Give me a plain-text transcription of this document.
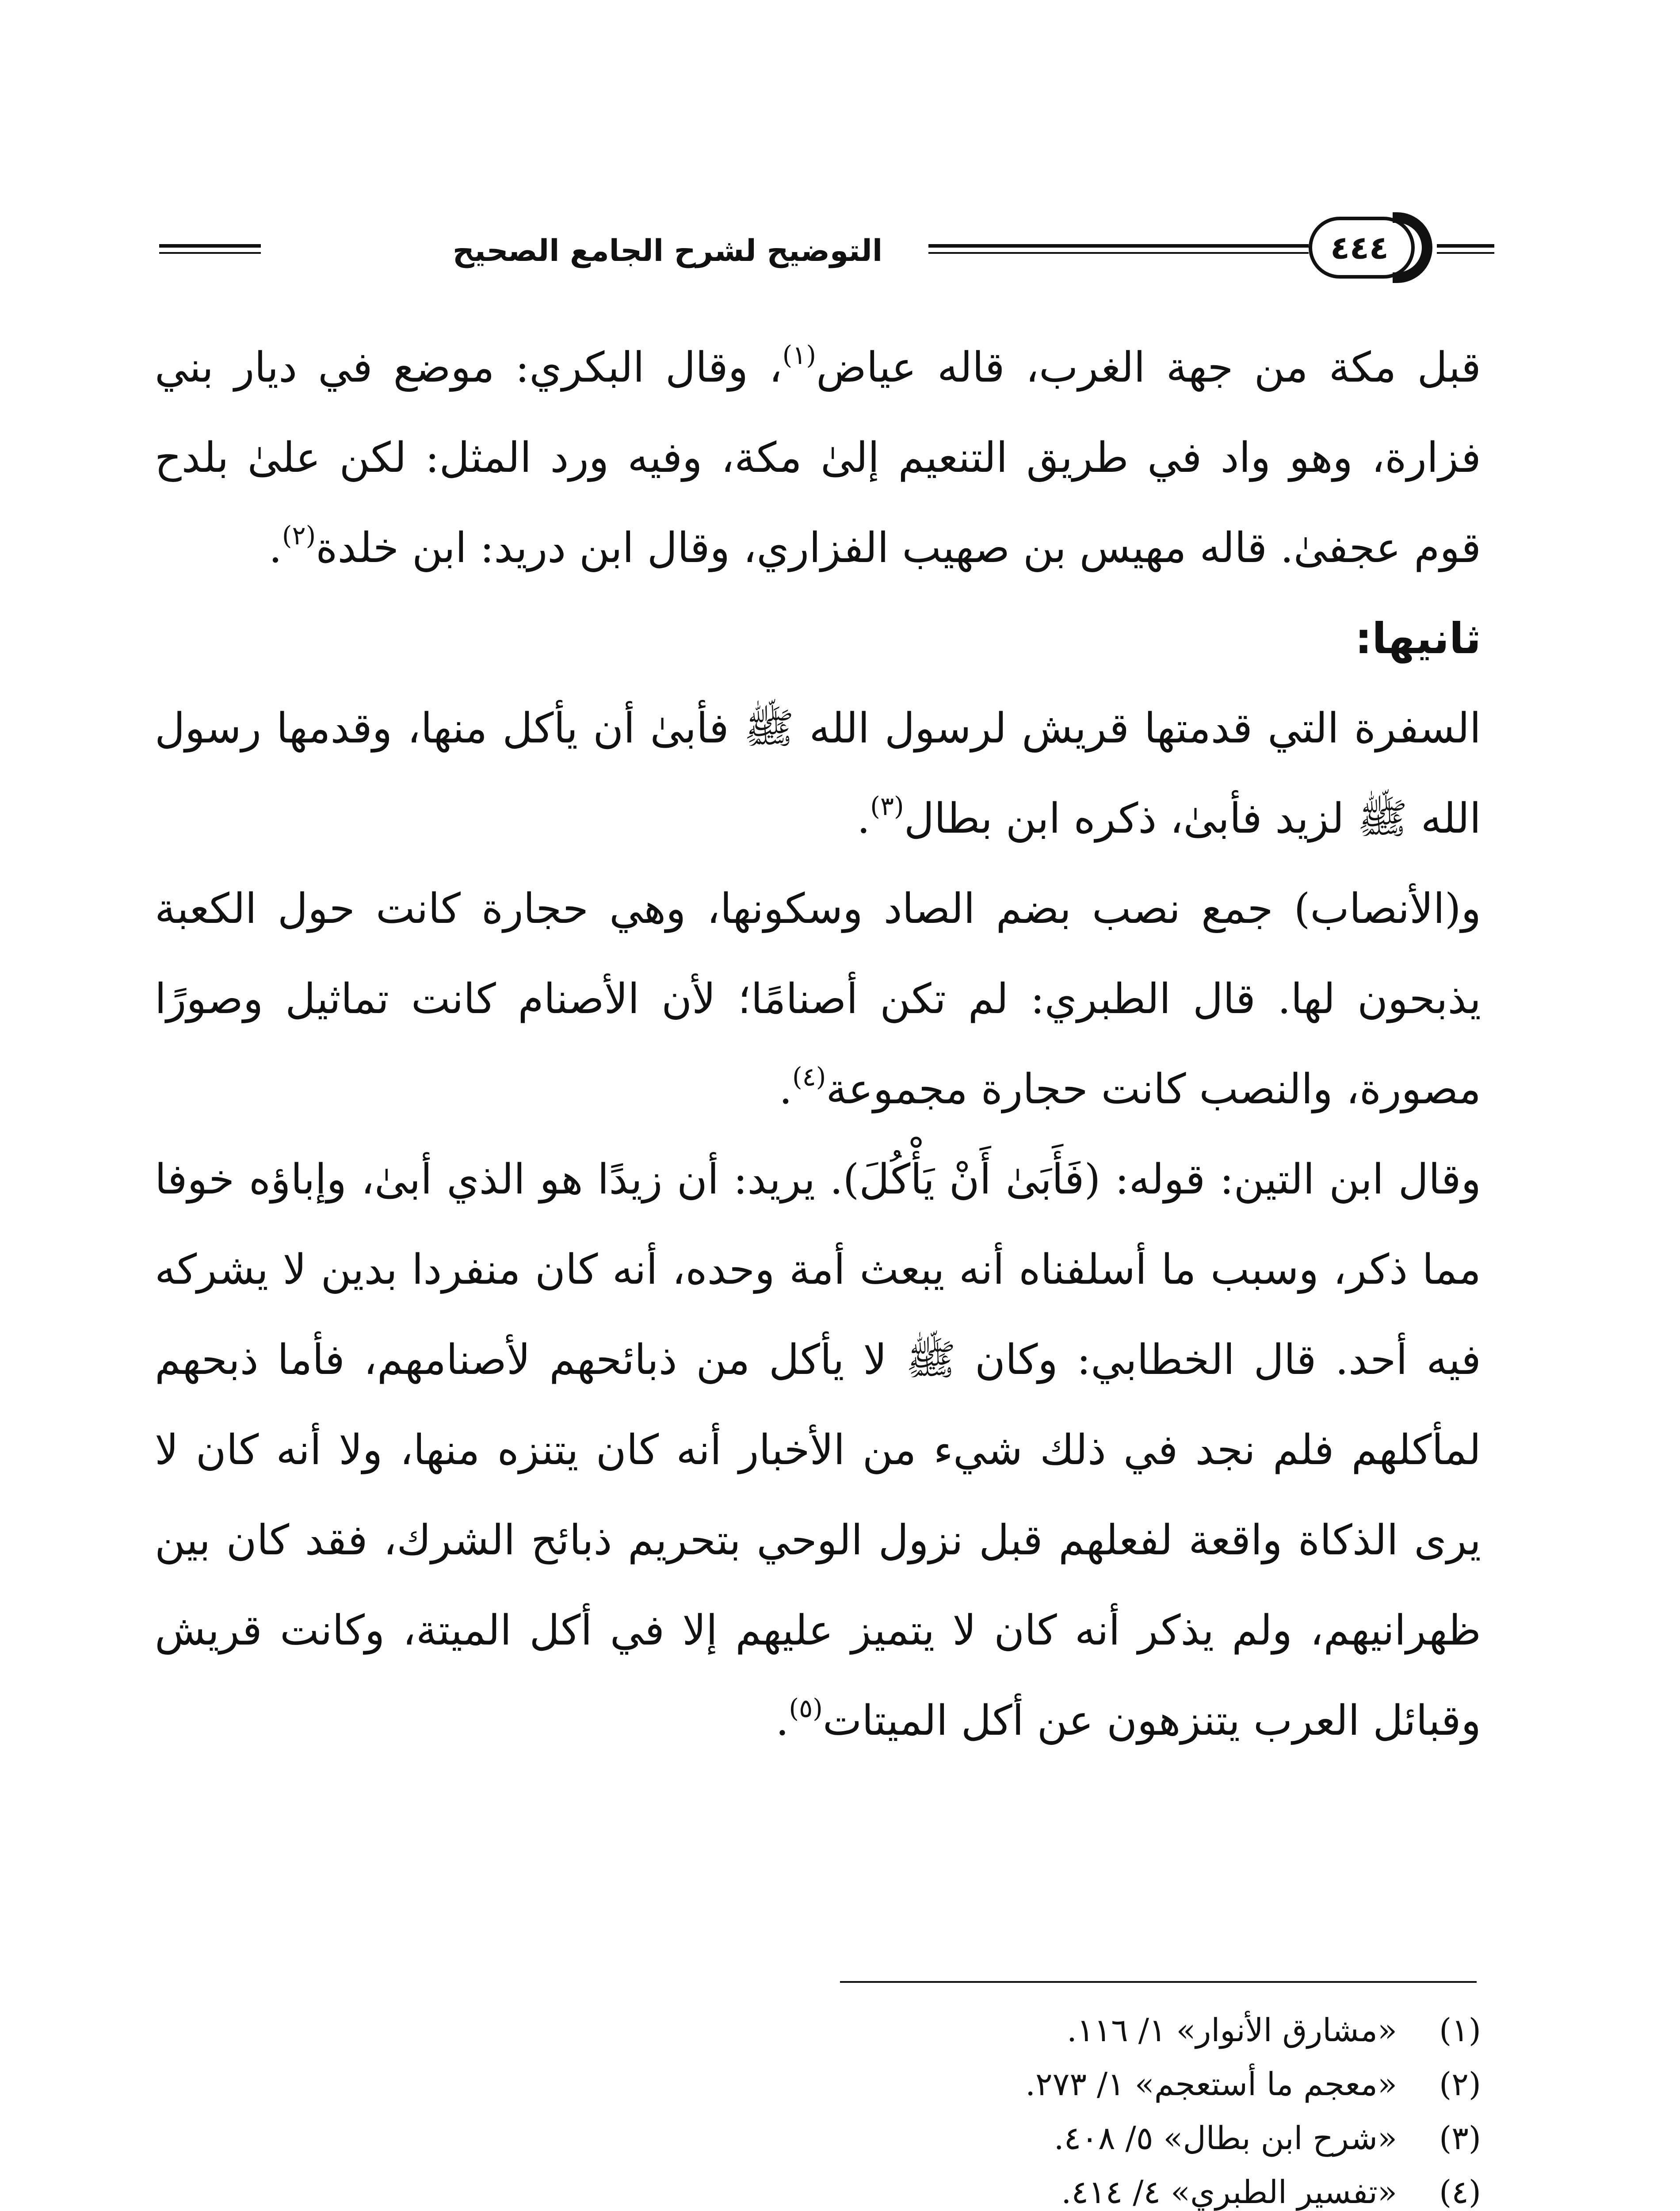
التوضيح لشرح الجامع الصحيح	٤٤٤

قبل مكة من جهة الغرب، قاله عياض$^{(١)}$، وقال البكري: موضع في ديار بني فزارة، وهو واد في طريق التنعيم إلىٰ مكة، وفيه ورد المثل: لكن علىٰ بلدح قوم عجفىٰ. قاله مهيس بن صهيب الفزاري، وقال ابن دريد: ابن خلدة$^{(٢)}$.

ثانيها:

السفرة التي قدمتها قريش لرسول الله ﷺ فأبىٰ أن يأكل منها، وقدمها رسول الله ﷺ لزيد فأبىٰ، ذكره ابن بطال$^{(٣)}$.

و(الأنصاب) جمع نصب بضم الصاد وسكونها، وهي حجارة كانت حول الكعبة يذبحون لها. قال الطبري: لم تكن أصنامًا؛ لأن الأصنام كانت تماثيل وصورًا مصورة، والنصب كانت حجارة مجموعة$^{(٤)}$.

وقال ابن التين: قوله: (فَأَبَىٰ أَنْ يَأْكُلَ). يريد: أن زيدًا هو الذي أبىٰ، وإباؤه خوفا مما ذكر، وسبب ما أسلفناه أنه يبعث أمة وحده، أنه كان منفردا بدين لا يشركه فيه أحد. قال الخطابي: وكان ﷺ لا يأكل من ذبائحهم لأصنامهم، فأما ذبحهم لمأكلهم فلم نجد في ذلك شيء من الأخبار أنه كان يتنزه منها، ولا أنه كان لا يرى الذكاة واقعة لفعلهم قبل نزول الوحي بتحريم ذبائح الشرك، فقد كان بين ظهرانيهم، ولم يذكر أنه كان لا يتميز عليهم إلا في أكل الميتة، وكانت قريش وقبائل العرب يتنزهون عن أكل الميتات$^{(٥)}$.

(١)
«مشارق الأنوار» ١/ ١١٦.
(٢)
«معجم ما أستعجم» ١/ ٢٧٣.
(٣)
«شرح ابن بطال» ٥/ ٤٠٨.
(٤)
«تفسير الطبري» ٤/ ٤١٤.
